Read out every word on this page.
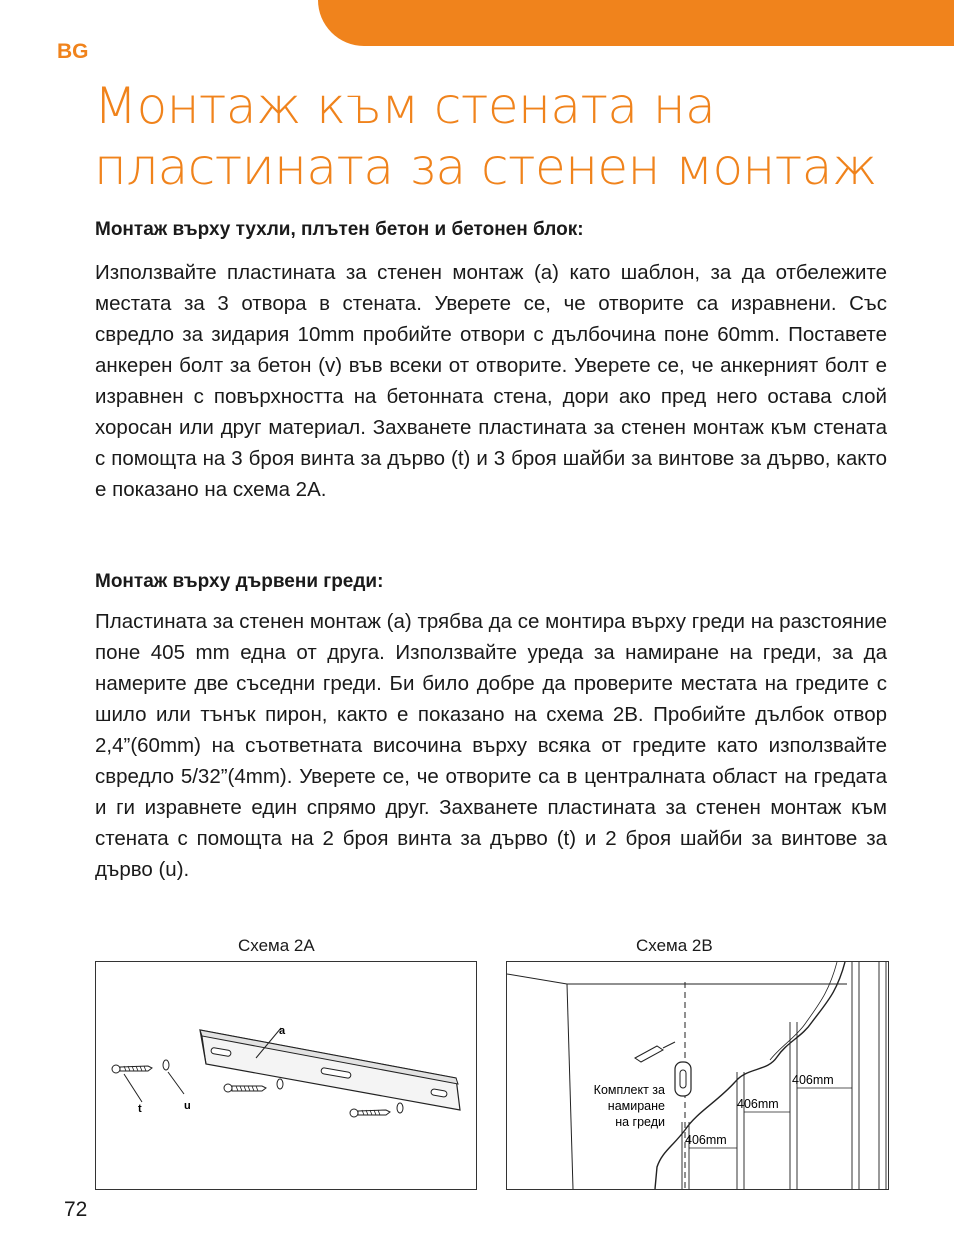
BG
Монтаж към стената на
пластината за стенен монтаж
Монтаж върху тухли, плътен бетон и бетонен блок:

Използвайте пластината за стенен монтаж (a) като шаблон, за да отбележите местата за 3 отвора в стената. Уверете се, че отворите са изравнени. Със свредло за зидария 10mm пробийте отвори с дълбочина поне 60mm. Поставете анкерен болт за бетон (v) във всеки от отворите. Уверете се, че анкерният болт е изравнен с повърхността на бетонната стена, дори ако пред него остава слой хоросан или друг материал. Захванете пластината за стенен монтаж към стената с помощта на 3 броя винта за дърво (t) и 3 броя шайби за винтове за дърво, както е показано на схема 2A.

Монтаж върху дървени греди:

Пластината за стенен монтаж (a) трябва да се монтира върху греди на разстояние поне 405 mm една от друга. Използвайте уреда за намиране на греди, за да намерите две съседни греди. Би било добре да проверите местата на гредите с шило или тънък пирон, както е показано на схема 2B. Пробийте дълбок отвор 2,4”(60mm) на съответната височина върху всяка от гредите като използвайте свредло 5/32”(4mm). Уверете се, че отворите са в централната област на гредата и ги изравнете един спрямо друг. Захванете пластината за стенен монтаж към стената с помощта на 2 броя винта за дърво (t) и 2 броя шайби за винтове за дърво (u).

Схема 2A	Схема 2B
a
t	u
406mm
406mm
406mm
Комплект за
намиране
на греди
72
